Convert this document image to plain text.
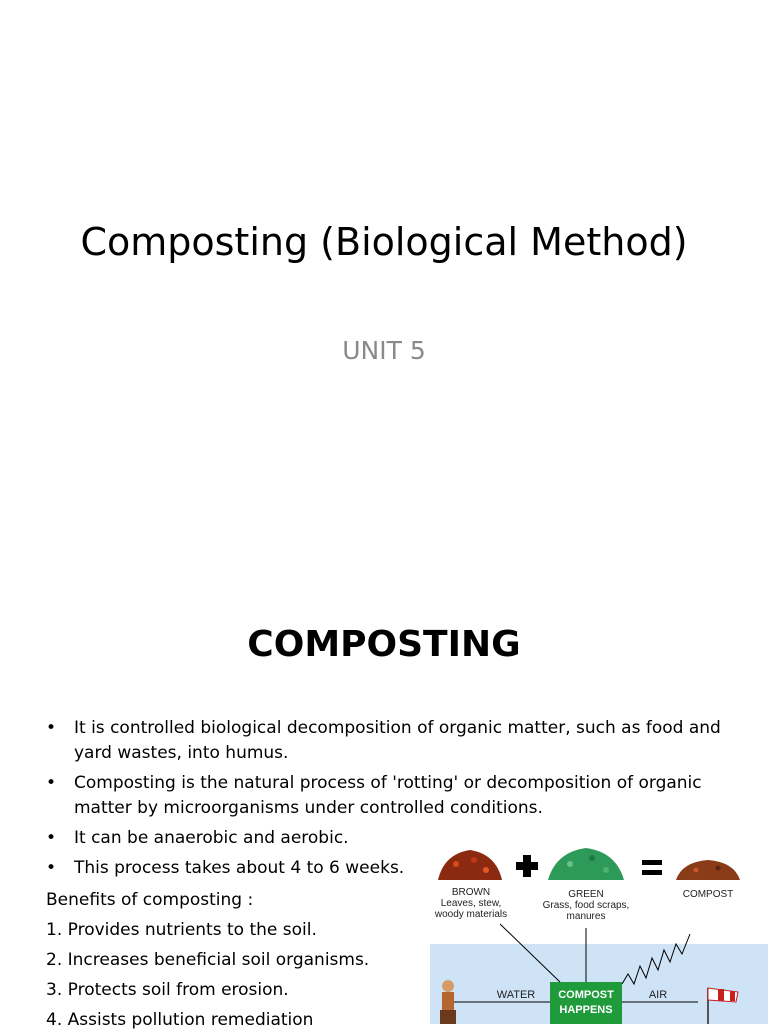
Composting (Biological Method)
UNIT 5
COMPOSTING
• It is controlled biological decomposition of organic matter, such as food and yard wastes, into humus.
• Composting is the natural process of 'rotting' or decomposition of organic matter by microorganisms under controlled conditions.
• It can be anaerobic and aerobic.
• This process takes about 4 to 6 weeks.
Benefits of composting :
1. Provides nutrients to the soil.
2. Increases beneficial soil organisms.
3. Protects soil from erosion.
4. Assists pollution remediation
BROWN
Leaves, stew,
woody materials
GREEN
Grass, food scraps,
manures
COMPOST
WATER	AIR
COMPOST
HAPPENS
